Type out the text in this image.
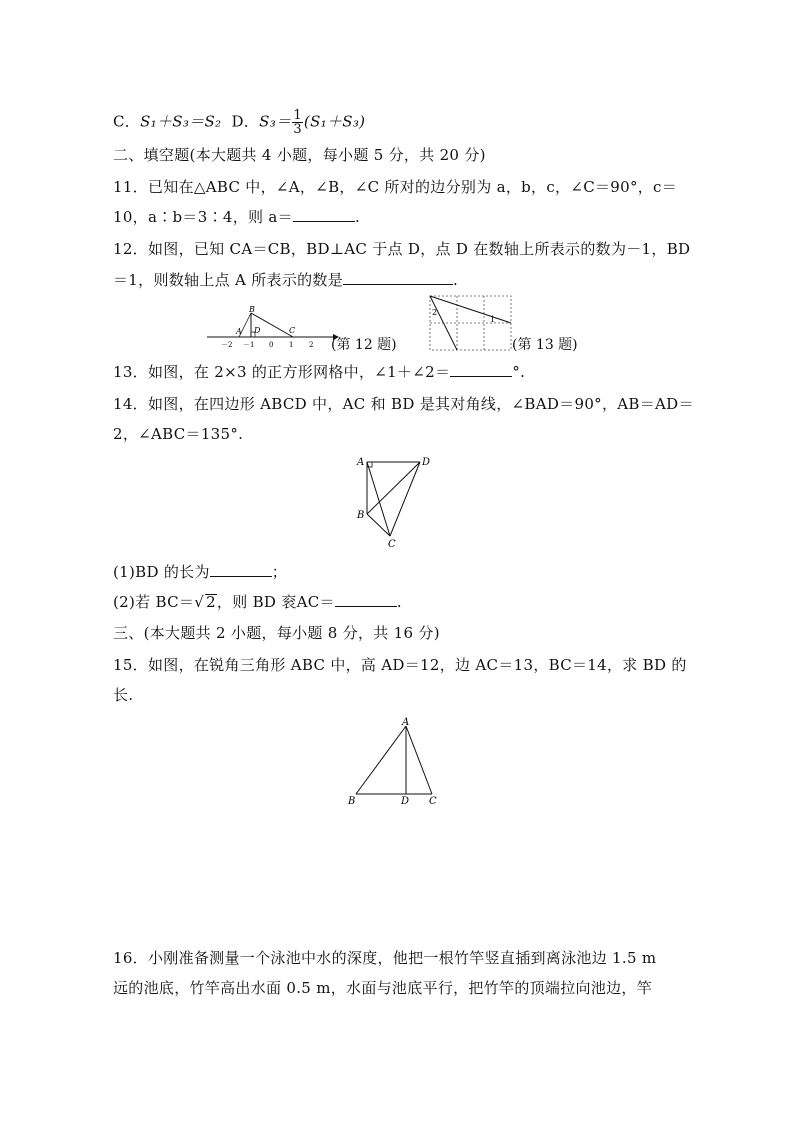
C．S₁＋S₃＝S₂ D．$S_3= \frac{1}{3} (S_1+S_3)$
二、填空题(本大题共 4 小题，每小题 5 分，共 20 分)
11．已知在△ABC 中，∠A，∠B，∠C 所对的边分别为 a，b，c，∠C＝90°，c＝
10，a∶b＝3∶4，则 a＝	.
12．如图，已知 CA＝CB，BD⊥AC 于点 D，点 D 在数轴上所表示的数为－1，BD
＝1，则数轴上点 A 所表示的数是	.
B
A D	C
－2 －1 0 1 2 (第 12 题)
2
1
(第 13 题)
13．如图，在 2×3 的正方形网格中，∠1＋∠2＝	°.
14．如图，在四边形 ABCD 中，AC 和 BD 是其对角线，∠BAD＝90°，AB＝AD＝
2，∠ABC＝135°.
A	D
B
C
(1)BD 的长为	；
(2)若 BC＝√ 2，则 BD 衮AC＝	.
三、(本大题共 2 小题，每小题 8 分，共 16 分)
15．如图，在锐角三角形 ABC 中，高 AD＝12，边 AC＝13，BC＝14，求 BD 的
长.
A
B	D C
16．小刚准备测量一个泳池中水的深度，他把一根竹竿竖直插到离泳池边 1.5 m
远的池底，竹竿高出水面 0.5 m，水面与池底平行，把竹竿的顶端拉向池边，竿
